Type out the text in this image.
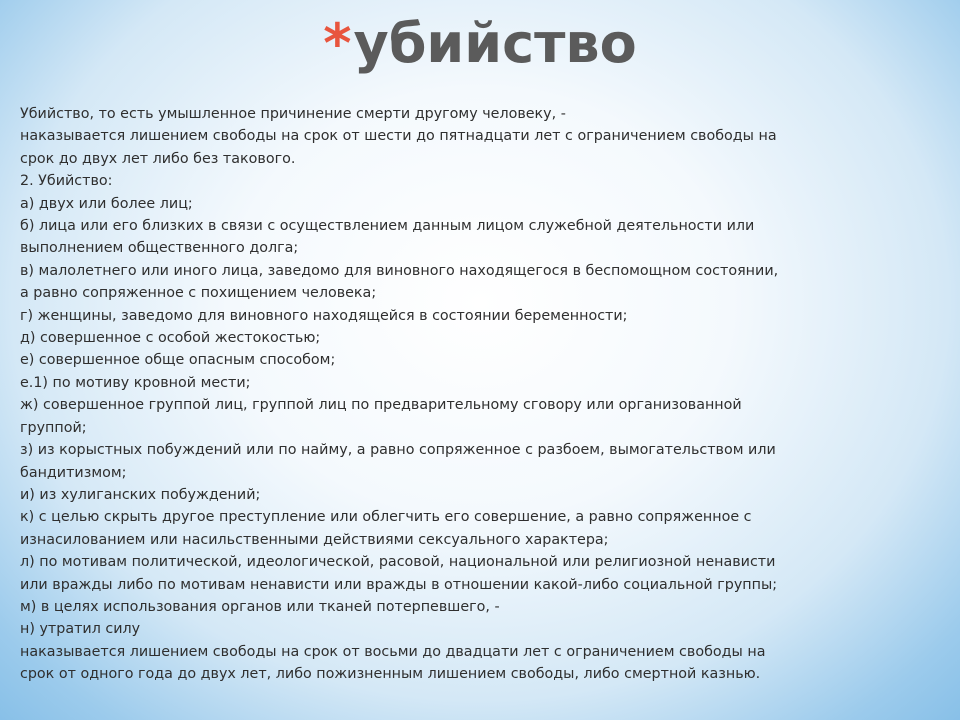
*убийство
Убийство, то есть умышленное причинение смерти другому человеку, -
наказывается лишением свободы на срок от шести до пятнадцати лет с ограничением свободы на
срок до двух лет либо без такового.
2. Убийство:
а) двух или более лиц;
б) лица или его близких в связи с осуществлением данным лицом служебной деятельности или
выполнением общественного долга;
в) малолетнего или иного лица, заведомо для виновного находящегося в беспомощном состоянии,
а равно сопряженное с похищением человека;
г) женщины, заведомо для виновного находящейся в состоянии беременности;
д) совершенное с особой жестокостью;
е) совершенное обще опасным способом;
е.1) по мотиву кровной мести;
ж) совершенное группой лиц, группой лиц по предварительному сговору или организованной
группой;
з) из корыстных побуждений или по найму, а равно сопряженное с разбоем, вымогательством или
бандитизмом;
и) из хулиганских побуждений;
к) с целью скрыть другое преступление или облегчить его совершение, а равно сопряженное с
изнасилованием или насильственными действиями сексуального характера;
л) по мотивам политической, идеологической, расовой, национальной или религиозной ненависти
или вражды либо по мотивам ненависти или вражды в отношении какой-либо социальной группы;
м) в целях использования органов или тканей потерпевшего, -
н) утратил силу
наказывается лишением свободы на срок от восьми до двадцати лет с ограничением свободы на
срок от одного года до двух лет, либо пожизненным лишением свободы, либо смертной казнью.
